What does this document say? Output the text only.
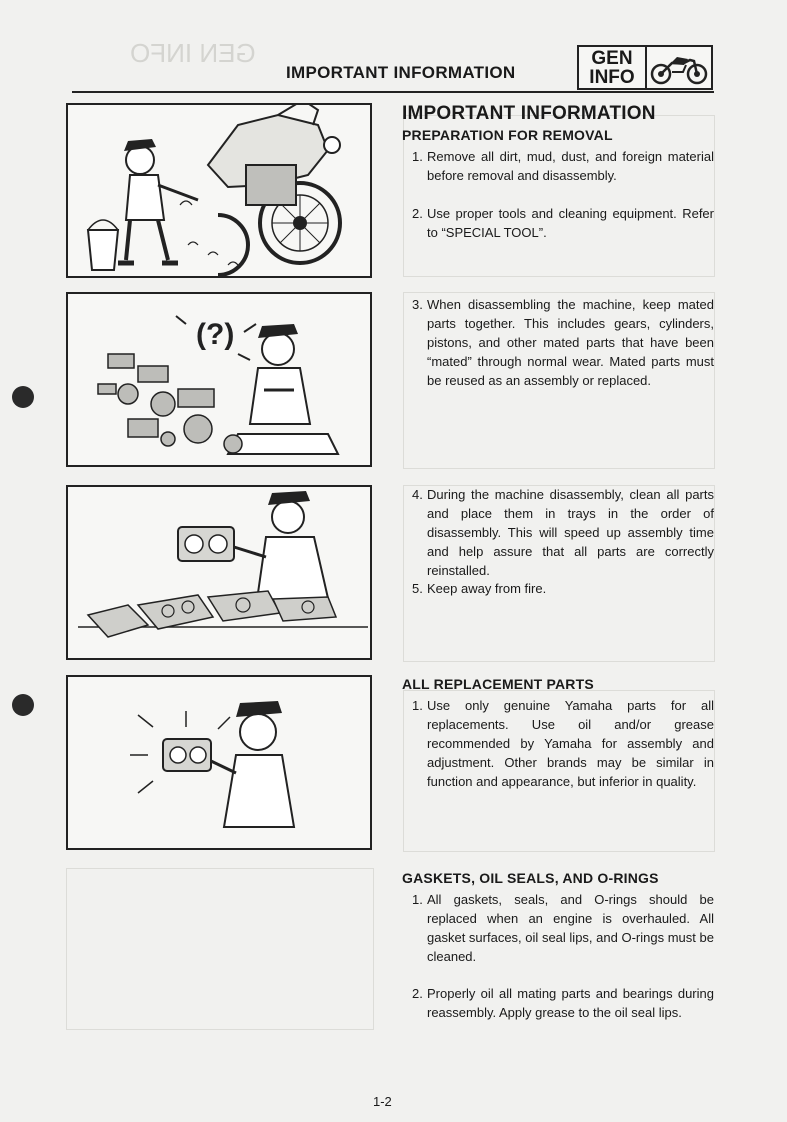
GEN INFO
IMPORTANT INFORMATION
GEN
INFO
(?)
IMPORTANT INFORMATION
PREPARATION FOR REMOVAL
1. Remove all dirt, mud, dust, and foreign material before removal and disassembly.
2. Use proper tools and cleaning equipment. Refer to “SPECIAL TOOL”.
3. When disassembling the machine, keep mated parts together. This includes gears, cylinders, pistons, and other mated parts that have been “mated” through normal wear. Mated parts must be reused as an assembly or replaced.
4. During the machine disassembly, clean all parts and place them in trays in the order of disassembly. This will speed up assembly time and help assure that all parts are correctly reinstalled.
5. Keep away from fire.
ALL REPLACEMENT PARTS
1. Use only genuine Yamaha parts for all replacements. Use oil and/or grease recommended by Yamaha for assembly and adjustment. Other brands may be similar in function and appearance, but inferior in quality.
GASKETS, OIL SEALS, AND O-RINGS
1. All gaskets, seals, and O-rings should be replaced when an engine is overhauled. All gasket surfaces, oil seal lips, and O-rings must be cleaned.
2. Properly oil all mating parts and bearings during reassembly. Apply grease to the oil seal lips.
1-2
